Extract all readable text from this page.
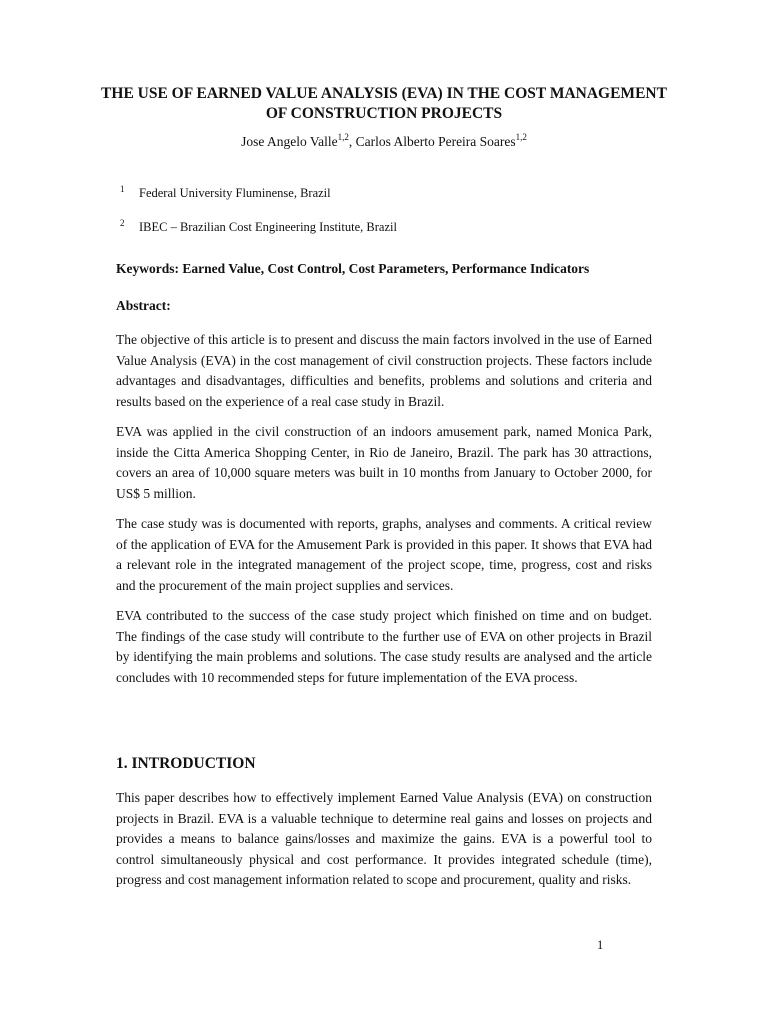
THE USE OF EARNED VALUE ANALYSIS (EVA) IN THE COST MANAGEMENT OF CONSTRUCTION PROJECTS
Jose Angelo Valle$^{1,2}$, Carlos Alberto Pereira Soares$^{1,2}$
1 Federal University Fluminense, Brazil
2 IBEC – Brazilian Cost Engineering Institute, Brazil
Keywords: Earned Value, Cost Control, Cost Parameters, Performance Indicators
Abstract:

The objective of this article is to present and discuss the main factors involved in the use of Earned Value Analysis (EVA) in the cost management of civil construction projects. These factors include advantages and disadvantages, difficulties and benefits, problems and solutions and criteria and results based on the experience of a real case study in Brazil.

EVA was applied in the civil construction of an indoors amusement park, named Monica Park, inside the Citta America Shopping Center, in Rio de Janeiro, Brazil. The park has 30 attractions, covers an area of 10,000 square meters was built in 10 months from January to October 2000, for US$ 5 million.

The case study was is documented with reports, graphs, analyses and comments. A critical review of the application of EVA for the Amusement Park is provided in this paper. It shows that EVA had a relevant role in the integrated management of the project scope, time, progress, cost and risks and the procurement of the main project supplies and services.

EVA contributed to the success of the case study project which finished on time and on budget. The findings of the case study will contribute to the further use of EVA on other projects in Brazil by identifying the main problems and solutions. The case study results are analysed and the article concludes with 10 recommended steps for future implementation of the EVA process.

1. INTRODUCTION

This paper describes how to effectively implement Earned Value Analysis (EVA) on construction projects in Brazil. EVA is a valuable technique to determine real gains and losses on projects and provides a means to balance gains/losses and maximize the gains. EVA is a powerful tool to control simultaneously physical and cost performance. It provides integrated schedule (time), progress and cost management information related to scope and procurement, quality and risks.

1
